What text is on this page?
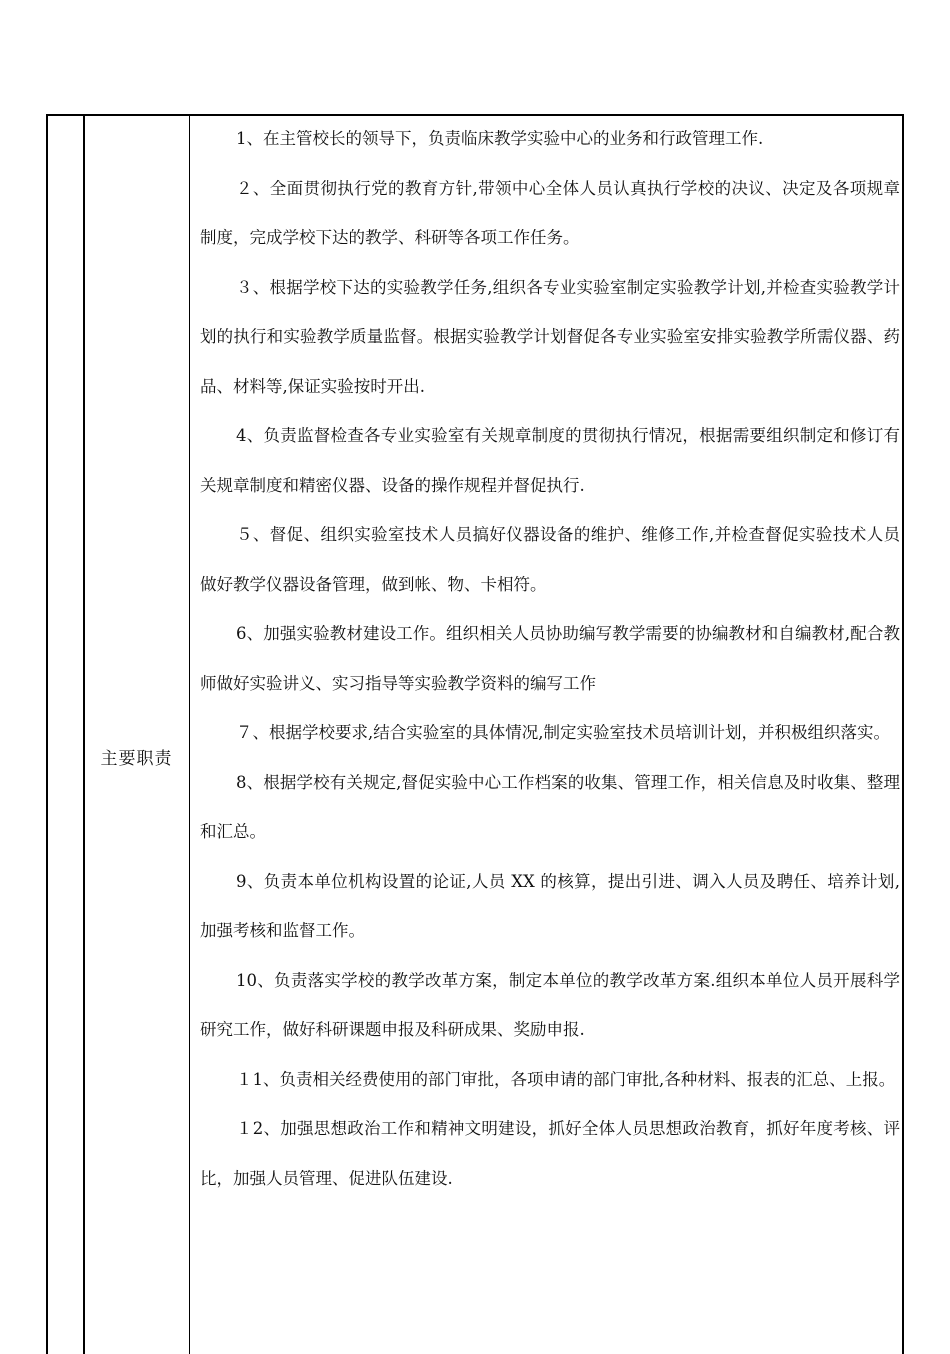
主要职责

1、在主管校长的领导下，负责临床教学实验中心的业务和行政管理工作.

２、全面贯彻执行党的教育方针,带领中心全体人员认真执行学校的决议、决定及各项规章制度，完成学校下达的教学、科研等各项工作任务。

３、根据学校下达的实验教学任务,组织各专业实验室制定实验教学计划,并检查实验教学计划的执行和实验教学质量监督。根据实验教学计划督促各专业实验室安排实验教学所需仪器、药品、材料等,保证实验按时开出.

4、负责监督检查各专业实验室有关规章制度的贯彻执行情况，根据需要组织制定和修订有关规章制度和精密仪器、设备的操作规程并督促执行.

５、督促、组织实验室技术人员搞好仪器设备的维护、维修工作,并检查督促实验技术人员做好教学仪器设备管理，做到帐、物、卡相符。

6、加强实验教材建设工作。组织相关人员协助编写教学需要的协编教材和自编教材,配合教师做好实验讲义、实习指导等实验教学资料的编写工作

７、根据学校要求,结合实验室的具体情况,制定实验室技术员培训计划，并积极组织落实。

8、根据学校有关规定,督促实验中心工作档案的收集、管理工作，相关信息及时收集、整理和汇总。

9、负责本单位机构设置的论证,人员 XX 的核算，提出引进、调入人员及聘任、培养计划,加强考核和监督工作。

10、负责落实学校的教学改革方案，制定本单位的教学改革方案.组织本单位人员开展科学研究工作，做好科研课题申报及科研成果、奖励申报.

１1、负责相关经费使用的部门审批，各项申请的部门审批,各种材料、报表的汇总、上报。

１2、加强思想政治工作和精神文明建设，抓好全体人员思想政治教育，抓好年度考核、评比，加强人员管理、促进队伍建设.
